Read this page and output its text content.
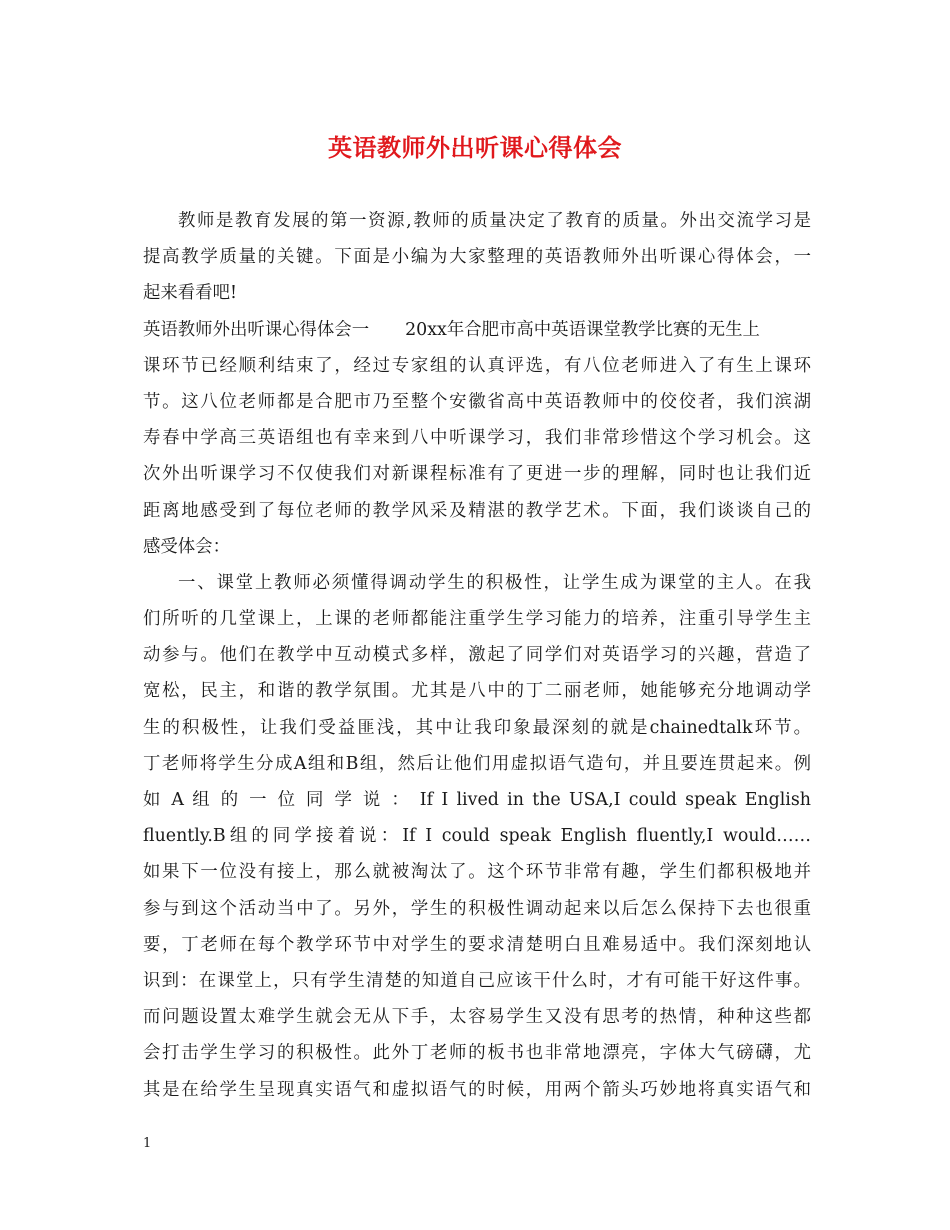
英语教师外出听课心得体会
教师是教育发展的第一资源,教师的质量决定了教育的质量。外出交流学习是
提高教学质量的关键。下面是小编为大家整理的英语教师外出听课心得体会，一
起来看看吧!
英语教师外出听课心得体会一 20xx年合肥市高中英语课堂教学比赛的无生上
课环节已经顺利结束了，经过专家组的认真评选，有八位老师进入了有生上课环
节。这八位老师都是合肥市乃至整个安徽省高中英语教师中的佼佼者，我们滨湖
寿春中学高三英语组也有幸来到八中听课学习，我们非常珍惜这个学习机会。这
次外出听课学习不仅使我们对新课程标准有了更进一步的理解，同时也让我们近
距离地感受到了每位老师的教学风采及精湛的教学艺术。下面，我们谈谈自己的
感受体会：
一、课堂上教师必须懂得调动学生的积极性，让学生成为课堂的主人。在我
们所听的几堂课上，上课的老师都能注重学生学习能力的培养，注重引导学生主
动参与。他们在教学中互动模式多样，激起了同学们对英语学习的兴趣，营造了
宽松，民主，和谐的教学氛围。尤其是八中的丁二丽老师，她能够充分地调动学
生的积极性，让我们受益匪浅，其中让我印象最深刻的就是chainedtalk环节。
丁老师将学生分成A组和B组，然后让他们用虚拟语气造句，并且要连贯起来。例
如 A 组 的 一 位 同 学 说 ： If I lived in the USA,I could speak English
fluently.B组的同学接着说：If I could speak English fluently,I would……
如果下一位没有接上，那么就被淘汰了。这个环节非常有趣，学生们都积极地并
参与到这个活动当中了。另外，学生的积极性调动起来以后怎么保持下去也很重
要，丁老师在每个教学环节中对学生的要求清楚明白且难易适中。我们深刻地认
识到：在课堂上，只有学生清楚的知道自己应该干什么时，才有可能干好这件事。
而问题设置太难学生就会无从下手，太容易学生又没有思考的热情，种种这些都
会打击学生学习的积极性。此外丁老师的板书也非常地漂亮，字体大气磅礴，尤
其是在给学生呈现真实语气和虚拟语气的时候，用两个箭头巧妙地将真实语气和
1
